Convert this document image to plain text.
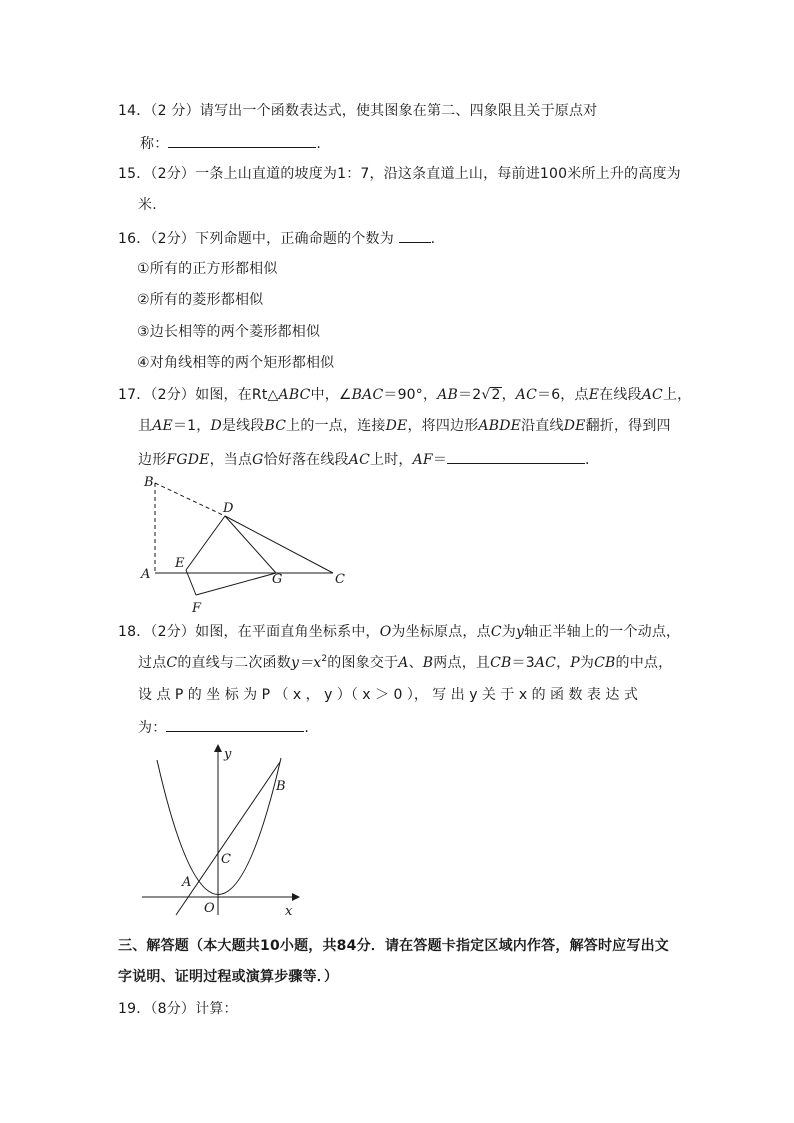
14．（2 分）请写出一个函数表达式，使其图象在第二、四象限且关于原点对
称：	.
15．（2分）一条上山直道的坡度为1：7，沿这条直道上山，每前进100米所上升的高度为
米.
16．（2分）下列命题中，正确命题的个数为	.
①所有的正方形都相似
②所有的菱形都相似
③边长相等的两个菱形都相似
④对角线相等的两个矩形都相似
17．（2分）如图，在Rt△ABC中，∠BAC＝90°，AB＝2√2，AC＝6，点E在线段AC上，
且AE＝1，D是线段BC上的一点，连接DE，将四边形ABDE沿直线DE翻折，得到四
边形FGDE，当点G恰好落在线段AC上时，AF＝	.
B
D
E
A	G	C
F
18．（2分）如图，在平面直角坐标系中，O为坐标原点，点C为y轴正半轴上的一个动点，
过点C的直线与二次函数$y=x^2$的图象交于A、B两点，且CB＝3AC，P为CB的中点，
设 点 P 的 坐 标 为 P （ x ， y ）（ x ＞ 0 ）， 写 出 y 关 于 x 的 函 数 表 达 式
为：	.
y
B
C
A
O	x
三、解答题（本大题共10小题，共84分．请在答题卡指定区域内作答，解答时应写出文
字说明、证明过程或演算步骤等．）
19．（8分）计算：
